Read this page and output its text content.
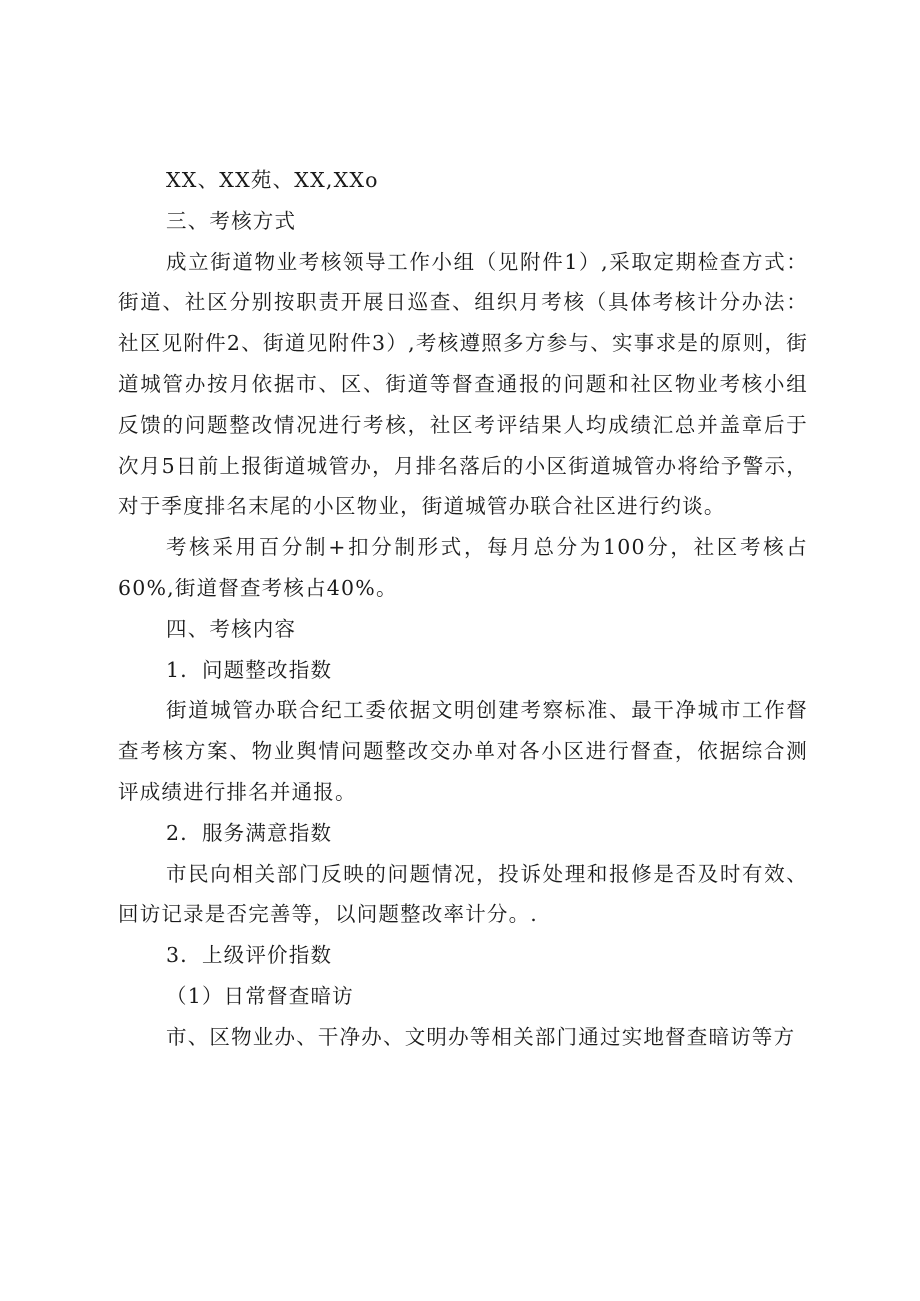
XX、XX苑、XX,XXo

三、考核方式

成立街道物业考核领导工作小组（见附件1）,采取定期检查方式：街道、社区分别按职责开展日巡查、组织月考核（具体考核计分办法：社区见附件2、街道见附件3）,考核遵照多方参与、实事求是的原则，街道城管办按月依据市、区、街道等督查通报的问题和社区物业考核小组反馈的问题整改情况进行考核，社区考评结果人均成绩汇总并盖章后于次月5日前上报街道城管办，月排名落后的小区街道城管办将给予警示，对于季度排名末尾的小区物业，街道城管办联合社区进行约谈。

考核采用百分制+扣分制形式，每月总分为100分，社区考核占60%,街道督查考核占40%。

四、考核内容

1．问题整改指数

街道城管办联合纪工委依据文明创建考察标准、最干净城市工作督查考核方案、物业舆情问题整改交办单对各小区进行督查，依据综合测评成绩进行排名并通报。

2．服务满意指数

市民向相关部门反映的问题情况，投诉处理和报修是否及时有效、回访记录是否完善等，以问题整改率计分。.

3．上级评价指数

（1）日常督查暗访

市、区物业办、干净办、文明办等相关部门通过实地督查暗访等方
